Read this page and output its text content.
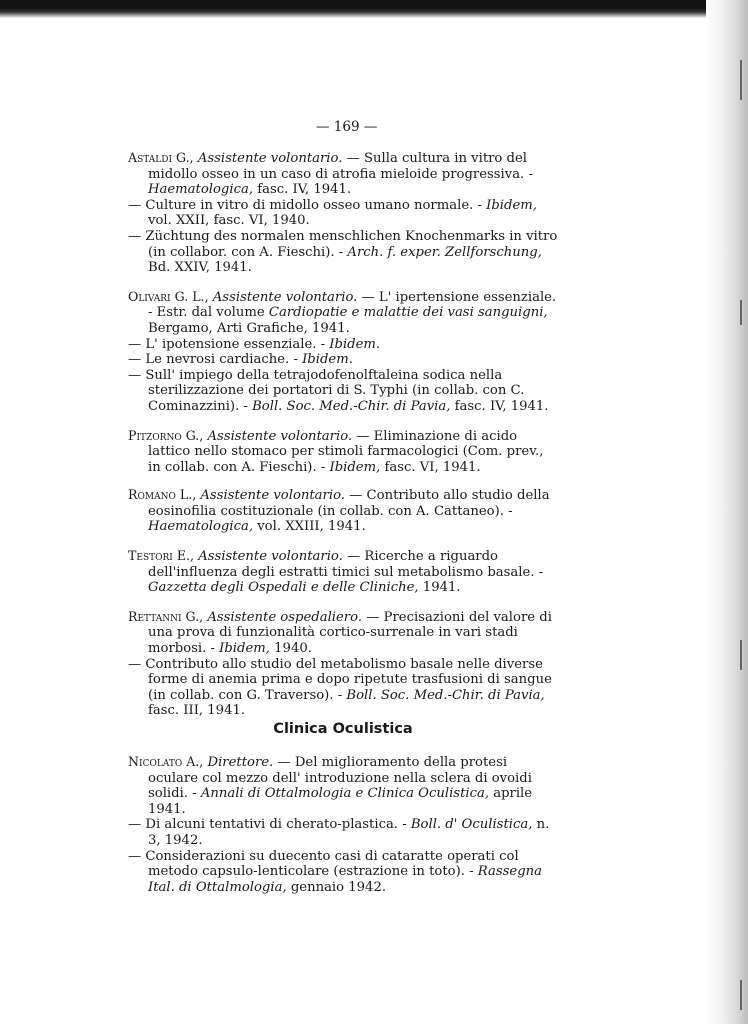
— 169 —

Astaldi G., Assistente volontario. — Sulla cultura in vitro del midollo osseo in un caso di atrofia mieloide progressiva. - Haematologica, fasc. IV, 1941.

— Culture in vitro di midollo osseo umano normale. - Ibidem, vol. XXII, fasc. VI, 1940.

— Züchtung des normalen menschlichen Knochenmarks in vitro (in collabor. con A. Fieschi). - Arch. f. exper. Zellforschung, Bd. XXIV, 1941.

Olivari G. L., Assistente volontario. — L' ipertensione essenziale. - Estr. dal volume Cardiopatie e malattie dei vasi sanguigni, Bergamo, Arti Grafiche, 1941.

— L' ipotensione essenziale. - Ibidem.

— Le nevrosi cardiache. - Ibidem.

— Sull' impiego della tetrajodofenolftaleina sodica nella sterilizzazione dei portatori di S. Typhi (in collab. con C. Cominazzini). - Boll. Soc. Med.-Chir. di Pavia, fasc. IV, 1941.

Pitzorno G., Assistente volontario. — Eliminazione di acido lattico nello stomaco per stimoli farmacologici (Com. prev., in collab. con A. Fieschi). - Ibidem, fasc. VI, 1941.

Romano L., Assistente volontario. — Contributo allo studio della eosinofilia costituzionale (in collab. con A. Cattaneo). - Haematologica, vol. XXIII, 1941.

Testori E., Assistente volontario. — Ricerche a riguardo dell'influenza degli estratti timici sul metabolismo basale. - Gazzetta degli Ospedali e delle Cliniche, 1941.

Rettanni G., Assistente ospedaliero. — Precisazioni del valore di una prova di funzionalità cortico-surrenale in vari stadi morbosi. - Ibidem, 1940.

— Contributo allo studio del metabolismo basale nelle diverse forme di anemia prima e dopo ripetute trasfusioni di sangue (in collab. con G. Traverso). - Boll. Soc. Med.-Chir. di Pavia, fasc. III, 1941.

Clinica Oculistica

Nicolato A., Direttore. — Del miglioramento della protesi oculare col mezzo dell' introduzione nella sclera di ovoidi solidi. - Annali di Ottalmologia e Clinica Oculistica, aprile 1941.

— Di alcuni tentativi di cherato-plastica. - Boll. d' Oculistica, n. 3, 1942.

— Considerazioni su duecento casi di cataratte operati col metodo capsulo-lenticolare (estrazione in toto). - Rassegna Ital. di Ottalmologia, gennaio 1942.
